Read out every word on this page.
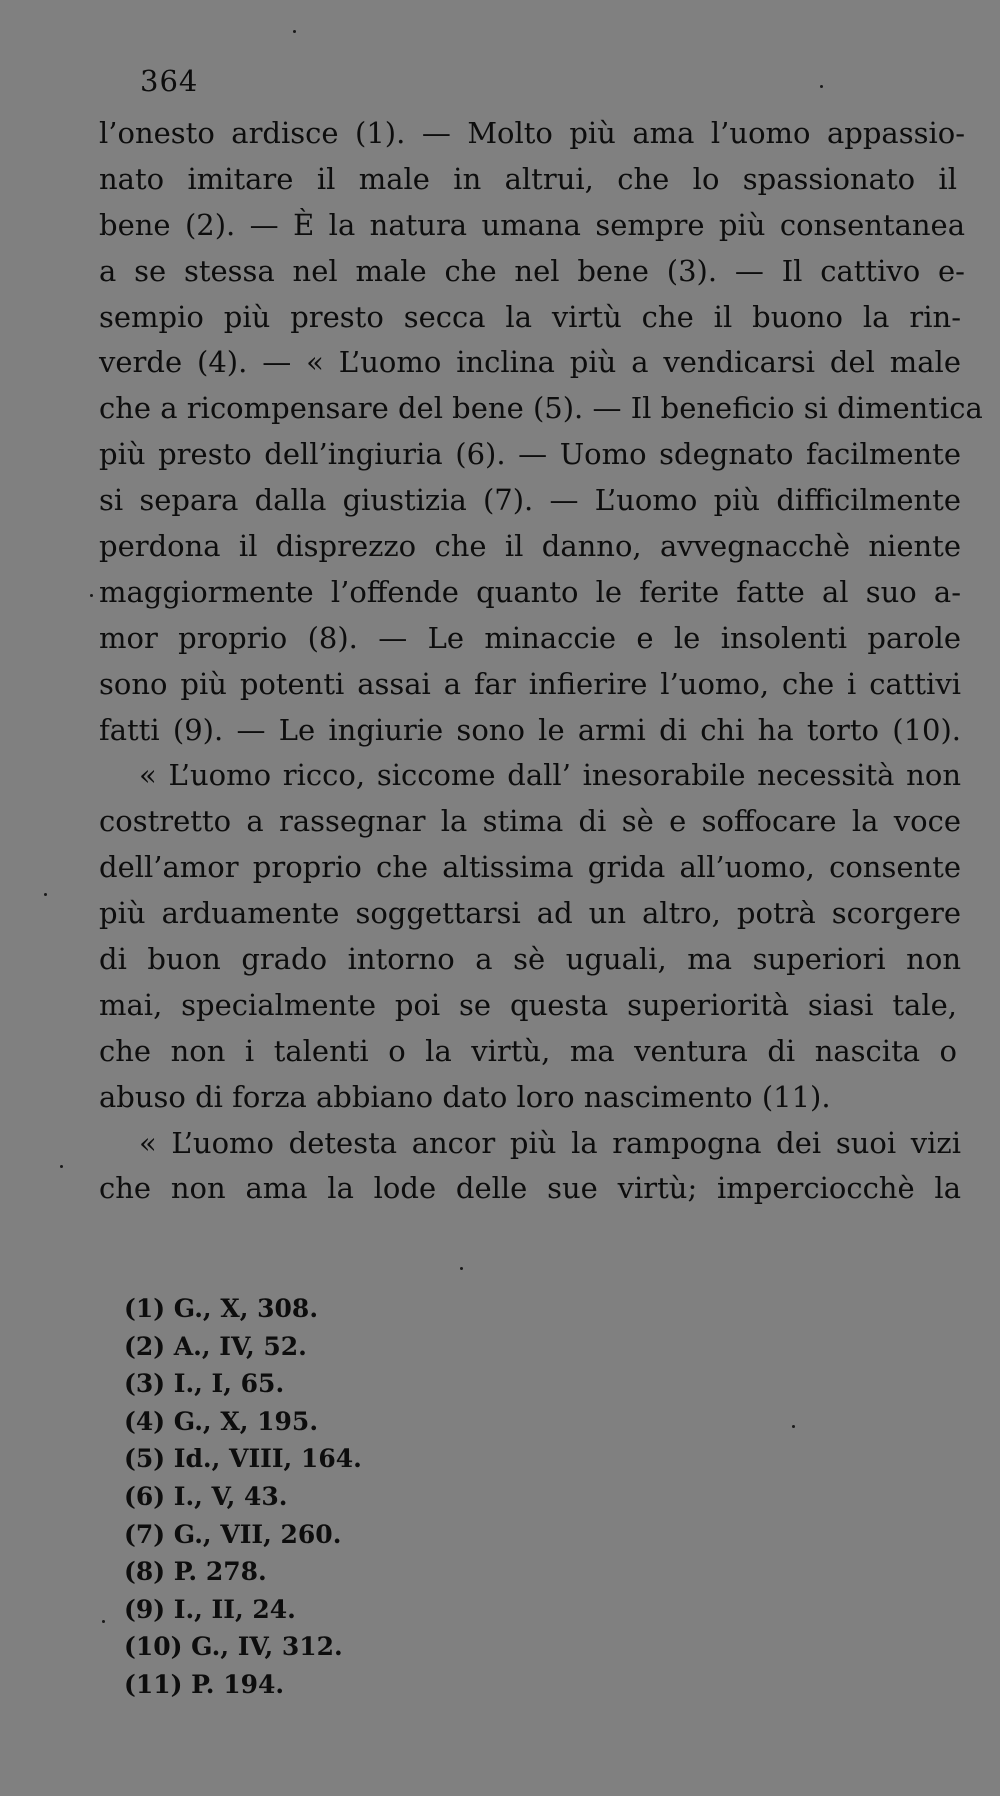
364
l’onesto ardisce (1). — Molto più ama l’uomo appassio-
nato imitare il male in altrui, che lo spassionato il
bene (2). — È la natura umana sempre più consentanea
a se stessa nel male che nel bene (3). — Il cattivo e-
sempio più presto secca la virtù che il buono la rin-
verde (4). — « L’uomo inclina più a vendicarsi del male
che a ricompensare del bene (5). — Il beneficio si dimentica
più presto dell’ingiuria (6). — Uomo sdegnato facilmente
si separa dalla giustizia (7). — L’uomo più difficilmente
perdona il disprezzo che il danno, avvegnacchè niente
maggiormente l’offende quanto le ferite fatte al suo a-
mor proprio (8). — Le minaccie e le insolenti parole
sono più potenti assai a far infierire l’uomo, che i cattivi
fatti (9). — Le ingiurie sono le armi di chi ha torto (10).
« L’uomo ricco, siccome dall’ inesorabile necessità non
costretto a rassegnar la stima di sè e soffocare la voce
dell’amor proprio che altissima grida all’uomo, consente
più arduamente soggettarsi ad un altro, potrà scorgere
di buon grado intorno a sè uguali, ma superiori non
mai, specialmente poi se questa superiorità siasi tale,
che non i talenti o la virtù, ma ventura di nascita o
abuso di forza abbiano dato loro nascimento (11).
« L’uomo detesta ancor più la rampogna dei suoi vizi
che non ama la lode delle sue virtù; imperciocchè la
(1) G., X, 308.
(2) A., IV, 52.
(3) I., I, 65.
(4) G., X, 195.
(5) Id., VIII, 164.
(6) I., V, 43.
(7) G., VII, 260.
(8) P. 278.
(9) I., II, 24.
(10) G., IV, 312.
(11) P. 194.
